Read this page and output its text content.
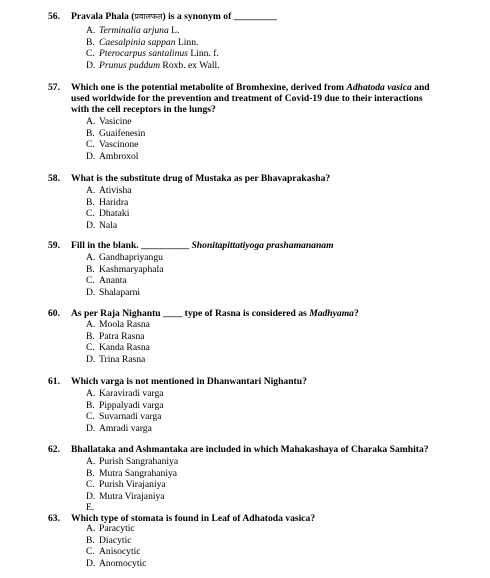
56. Pravala Phala (प्रवालफल) is a synonym of _________
A. Terminalia arjuna L.
B. Caesalpinia sappan Linn.
C. Pterocarpus santalinus Linn. f.
D. Prunus puddum Roxb. ex Wall.
57. Which one is the potential metabolite of Bromhexine, derived from Adhatoda vasica and
used worldwide for the prevention and treatment of Covid-19 due to their interactions
with the cell receptors in the lungs?
A. Vasicine
B. Guaifenesin
C. Vascinone
D. Ambroxol
58. What is the substitute drug of Mustaka as per Bhavaprakasha?
A. Ativisha
B. Haridra
C. Dhataki
D. Nala
59. Fill in the blank. __________ Shonitapittatiyoga prashamananam
A. Gandhapriyangu
B. Kashmaryaphala
C. Ananta
D. Shalaparni
60. As per Raja Nighantu ____ type of Rasna is considered as Madhyama?
A. Moola Rasna
B. Patra Rasna
C. Kanda Rasna
D. Trina Rasna
61. Which varga is not mentioned in Dhanwantari Nighantu?
A. Karaviradi varga
B. Pippalyadi varga
C. Suvarnadi varga
D. Amradi varga
62. Bhallataka and Ashmantaka are included in which Mahakashaya of Charaka Samhita?
A. Purish Sangrahaniya
B. Mutra Sangrahaniya
C. Purish Virajaniya
D. Mutra Virajaniya
E.
63. Which type of stomata is found in Leaf of Adhatoda vasica?
A. Paracytic
B. Diacytic
C. Anisocytic
D. Anomocytic
